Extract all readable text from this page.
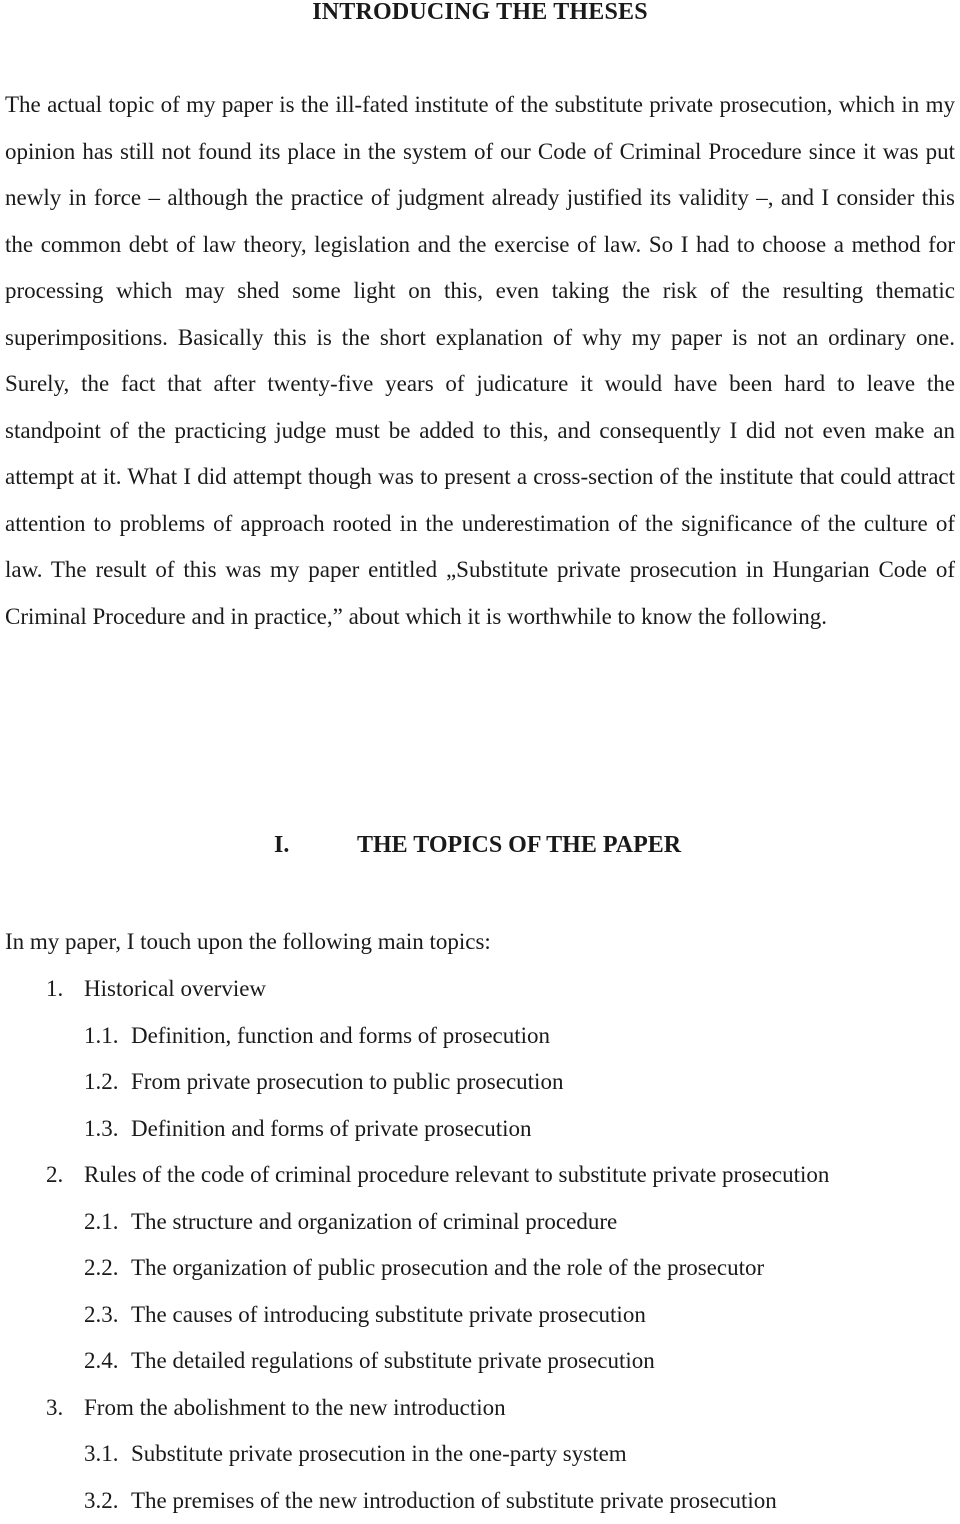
INTRODUCING THE THESES

The actual topic of my paper is the ill-fated institute of the substitute private prosecution, which in my opinion has still not found its place in the system of our Code of Criminal Procedure since it was put newly in force – although the practice of judgment already justified its validity –, and I consider this the common debt of law theory, legislation and the exercise of law. So I had to choose a method for processing which may shed some light on this, even taking the risk of the resulting thematic superimpositions. Basically this is the short explanation of why my paper is not an ordinary one. Surely, the fact that after twenty-five years of judicature it would have been hard to leave the standpoint of the practicing judge must be added to this, and consequently I did not even make an attempt at it. What I did attempt though was to present a cross-section of the institute that could attract attention to problems of approach rooted in the underestimation of the significance of the culture of law. The result of this was my paper entitled „Substitute private prosecution in Hungarian Code of Criminal Procedure and in practice,” about which it is worthwhile to know the following.

I.	THE TOPICS OF THE PAPER

In my paper, I touch upon the following main topics:

1. Historical overview
1.1. Definition, function and forms of prosecution
1.2. From private prosecution to public prosecution
1.3. Definition and forms of private prosecution
2. Rules of the code of criminal procedure relevant to substitute private prosecution
2.1. The structure and organization of criminal procedure
2.2. The organization of public prosecution and the role of the prosecutor
2.3. The causes of introducing substitute private prosecution
2.4. The detailed regulations of substitute private prosecution
3. From the abolishment to the new introduction
3.1. Substitute private prosecution in the one-party system
3.2. The premises of the new introduction of substitute private prosecution
